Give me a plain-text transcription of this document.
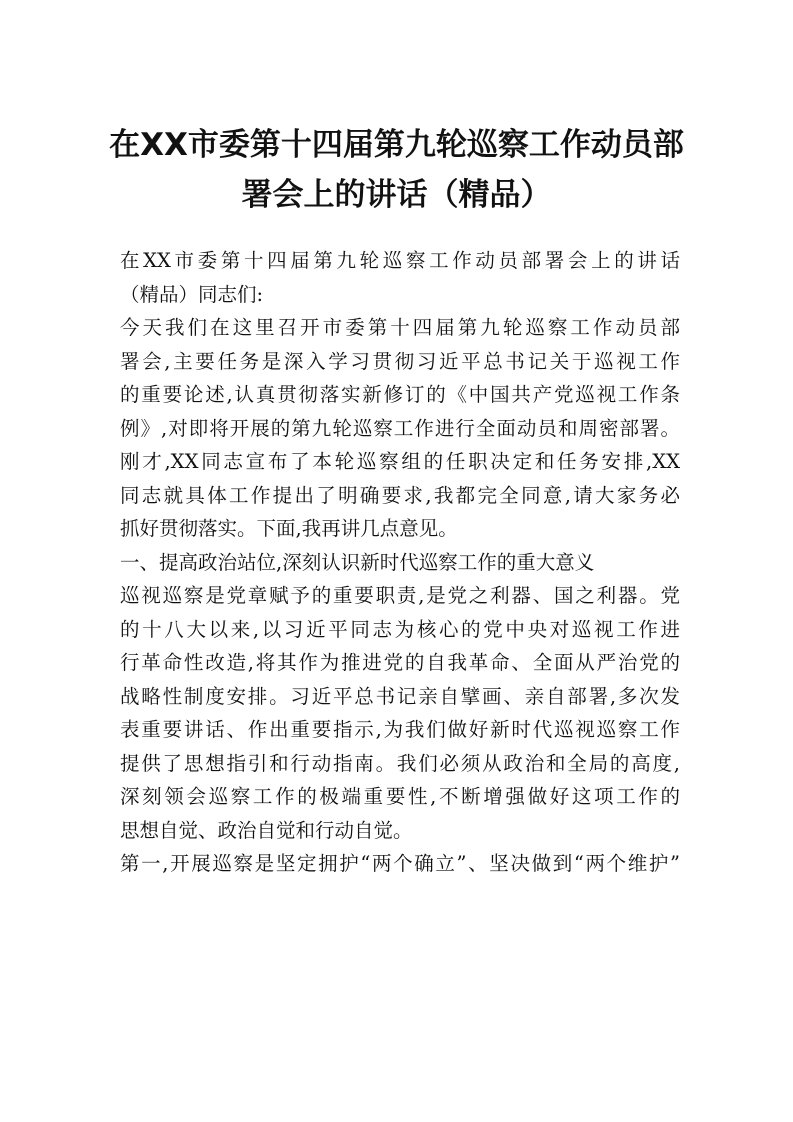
在XX市委第十四届第九轮巡察工作动员部
署会上的讲话（精品）
在XX市委第十四届第九轮巡察工作动员部署会上的讲话
（精品）同志们:
今天我们在这里召开市委第十四届第九轮巡察工作动员部
署会,主要任务是深入学习贯彻习近平总书记关于巡视工作
的重要论述,认真贯彻落实新修订的《中国共产党巡视工作条
例》,对即将开展的第九轮巡察工作进行全面动员和周密部署。
刚才,XX同志宣布了本轮巡察组的任职决定和任务安排,XX
同志就具体工作提出了明确要求,我都完全同意,请大家务必
抓好贯彻落实。下面,我再讲几点意见。
一、提高政治站位,深刻认识新时代巡察工作的重大意义
巡视巡察是党章赋予的重要职责,是党之利器、国之利器。党
的十八大以来,以习近平同志为核心的党中央对巡视工作进
行革命性改造,将其作为推进党的自我革命、全面从严治党的
战略性制度安排。习近平总书记亲自擘画、亲自部署,多次发
表重要讲话、作出重要指示,为我们做好新时代巡视巡察工作
提供了思想指引和行动指南。我们必须从政治和全局的高度,
深刻领会巡察工作的极端重要性,不断增强做好这项工作的
思想自觉、政治自觉和行动自觉。
第一,开展巡察是坚定拥护“两个确立”、坚决做到“两个维护”
